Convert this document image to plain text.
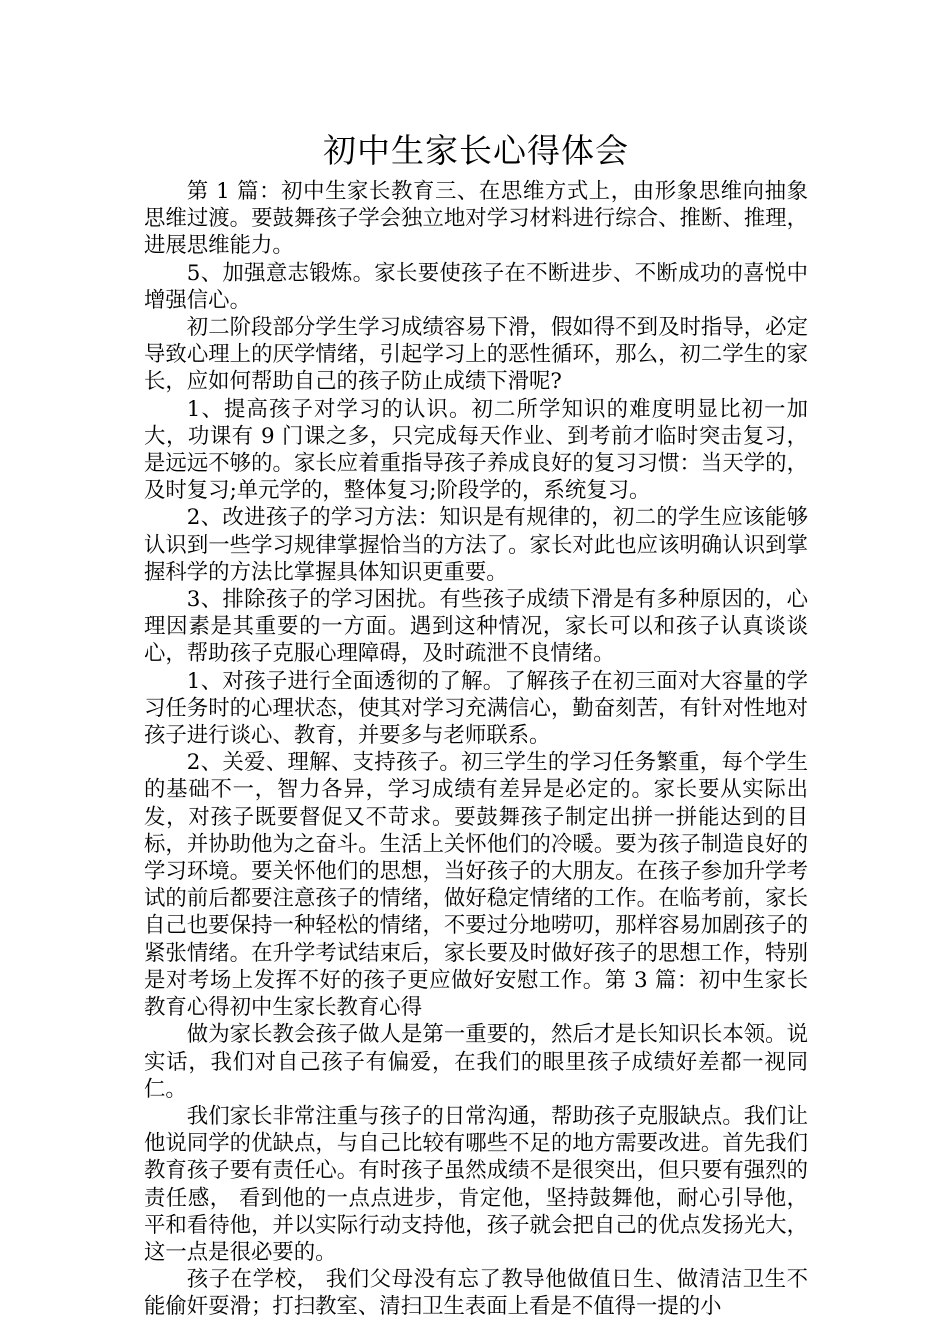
初中生家长心得体会

第 1 篇：初中生家长教育三、在思维方式上，由形象思维向抽象思维过渡。要鼓舞孩子学会独立地对学习材料进行综合、推断、推理，进展思维能力。

5、加强意志锻炼。家长要使孩子在不断进步、不断成功的喜悦中增强信心。

初二阶段部分学生学习成绩容易下滑，假如得不到及时指导，必定导致心理上的厌学情绪，引起学习上的恶性循环，那么，初二学生的家长，应如何帮助自己的孩子防止成绩下滑呢?

1、提高孩子对学习的认识。初二所学知识的难度明显比初一加大，功课有 9 门课之多，只完成每天作业、到考前才临时突击复习，是远远不够的。家长应着重指导孩子养成良好的复习习惯：当天学的，及时复习;单元学的，整体复习;阶段学的，系统复习。

2、改进孩子的学习方法：知识是有规律的，初二的学生应该能够认识到一些学习规律掌握恰当的方法了。家长对此也应该明确认识到掌握科学的方法比掌握具体知识更重要。

3、排除孩子的学习困扰。有些孩子成绩下滑是有多种原因的，心理因素是其重要的一方面。遇到这种情况，家长可以和孩子认真谈谈心，帮助孩子克服心理障碍，及时疏泄不良情绪。

1、对孩子进行全面透彻的了解。了解孩子在初三面对大容量的学习任务时的心理状态，使其对学习充满信心，勤奋刻苦，有针对性地对孩子进行谈心、教育，并要多与老师联系。

2、关爱、理解、支持孩子。初三学生的学习任务繁重，每个学生的基础不一，智力各异，学习成绩有差异是必定的。家长要从实际出发，对孩子既要督促又不苛求。要鼓舞孩子制定出拼一拼能达到的目标，并协助他为之奋斗。生活上关怀他们的冷暖。要为孩子制造良好的学习环境。要关怀他们的思想，当好孩子的大朋友。在孩子参加升学考试的前后都要注意孩子的情绪，做好稳定情绪的工作。在临考前，家长自己也要保持一种轻松的情绪，不要过分地唠叨，那样容易加剧孩子的紧张情绪。在升学考试结束后，家长要及时做好孩子的思想工作，特别是对考场上发挥不好的孩子更应做好安慰工作。第 3 篇：初中生家长教育心得初中生家长教育心得

做为家长教会孩子做人是第一重要的，然后才是长知识长本领。说实话，我们对自己孩子有偏爱，在我们的眼里孩子成绩好差都一视同仁。

我们家长非常注重与孩子的日常沟通，帮助孩子克服缺点。我们让他说同学的优缺点，与自己比较有哪些不足的地方需要改进。首先我们教育孩子要有责任心。有时孩子虽然成绩不是很突出，但只要有强烈的责任感， 看到他的一点点进步，肯定他，坚持鼓舞他，耐心引导他，平和看待他，并以实际行动支持他，孩子就会把自己的优点发扬光大，这一点是很必要的。

孩子在学校， 我们父母没有忘了教导他做值日生、做清洁卫生不能偷奸耍滑；打扫教室、清扫卫生表面上看是不值得一提的小
